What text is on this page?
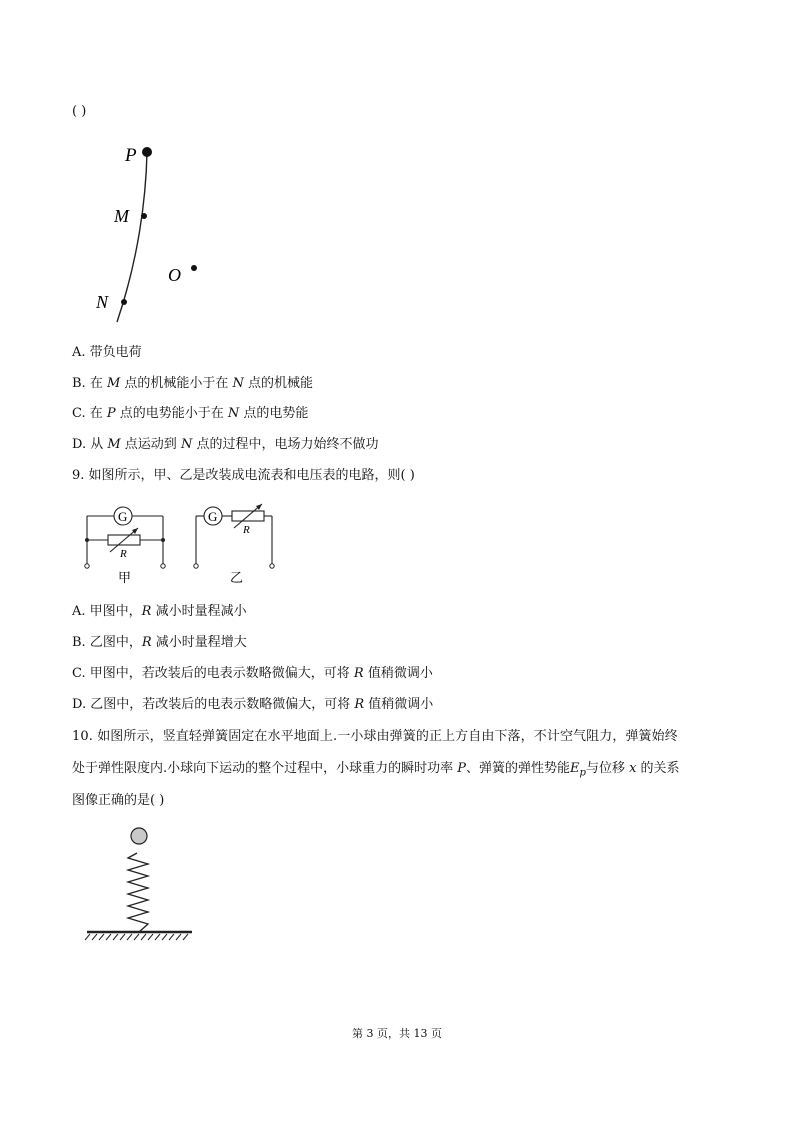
( )
P
M
N
O
A. 带负电荷
B. 在 M 点的机械能小于在 N 点的机械能
C. 在 P 点的电势能小于在 N 点的电势能
D. 从 M 点运动到 N 点的过程中，电场力始终不做功
9. 如图所示，甲、乙是改装成电流表和电压表的电路，则( )
G	G
R
R
甲	乙
A. 甲图中，R 减小时量程减小
B. 乙图中，R 减小时量程增大
C. 甲图中，若改装后的电表示数略微偏大，可将 R 值稍微调小
D. 乙图中，若改装后的电表示数略微偏大，可将 R 值稍微调小
10. 如图所示，竖直轻弹簧固定在水平地面上.一小球由弹簧的正上方自由下落，不计空气阻力，弹簧始终
处于弹性限度内.小球向下运动的整个过程中，小球重力的瞬时功率 P、弹簧的弹性势能$E_p$与位移 x 的关系
图像正确的是( )
第 3 页，共 13 页
